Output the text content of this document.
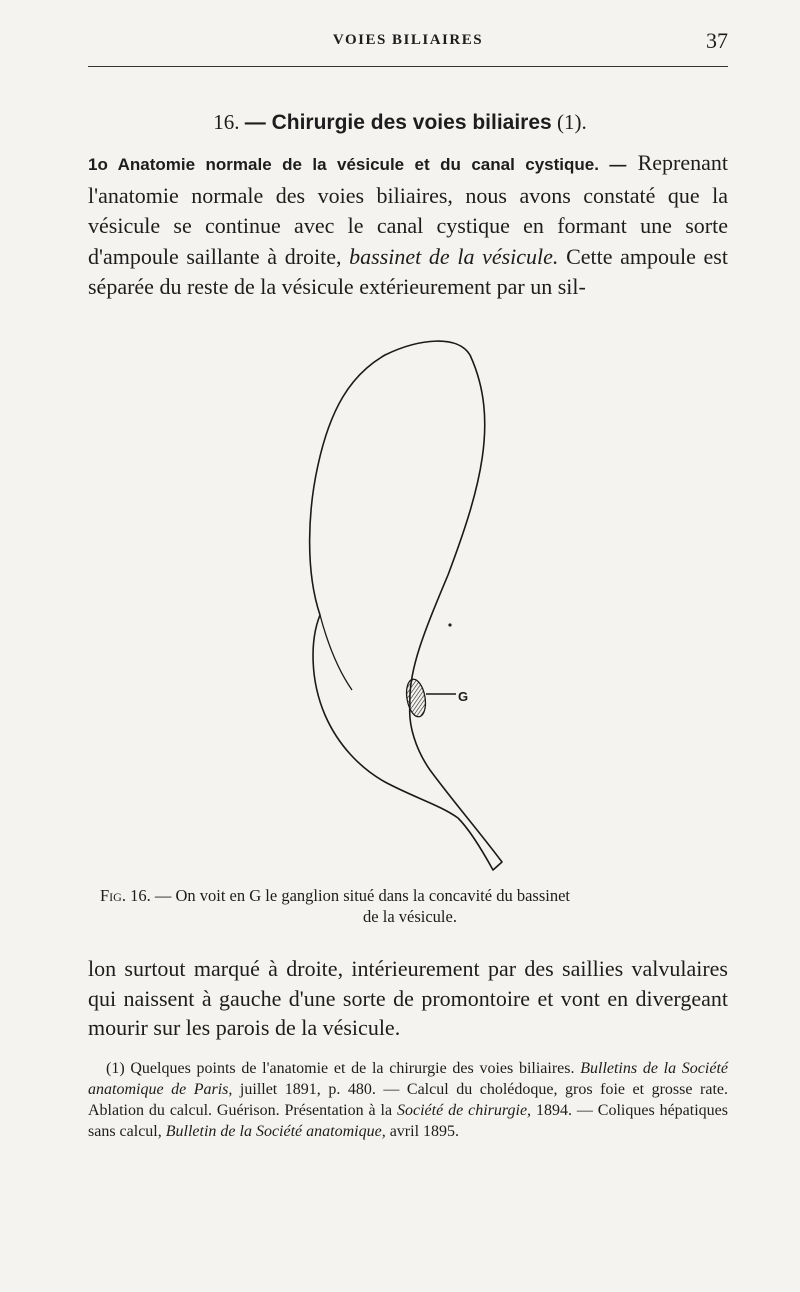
VOIES BILIAIRES	37
16. — Chirurgie des voies biliaires (1).

1o Anatomie normale de la vésicule et du canal cystique. — Reprenant l'anatomie normale des voies biliaires, nous avons constaté que la vésicule se continue avec le canal cystique en formant une sorte d'ampoule saillante à droite, bassinet de la vésicule. Cette ampoule est séparée du reste de la vésicule extérieurement par un sil-

G

Fig. 16. — On voit en G le ganglion situé dans la concavité du bassinet
de la vésicule.

lon surtout marqué à droite, intérieurement par des saillies valvulaires qui naissent à gauche d'une sorte de promontoire et vont en divergeant mourir sur les parois de la vésicule.

(1) Quelques points de l'anatomie et de la chirurgie des voies biliaires. Bulletins de la Société anatomique de Paris, juillet 1891, p. 480. — Calcul du cholédoque, gros foie et grosse rate. Ablation du calcul. Guérison. Présentation à la Société de chirurgie, 1894. — Coliques hépatiques sans calcul, Bulletin de la Société anatomique, avril 1895.
